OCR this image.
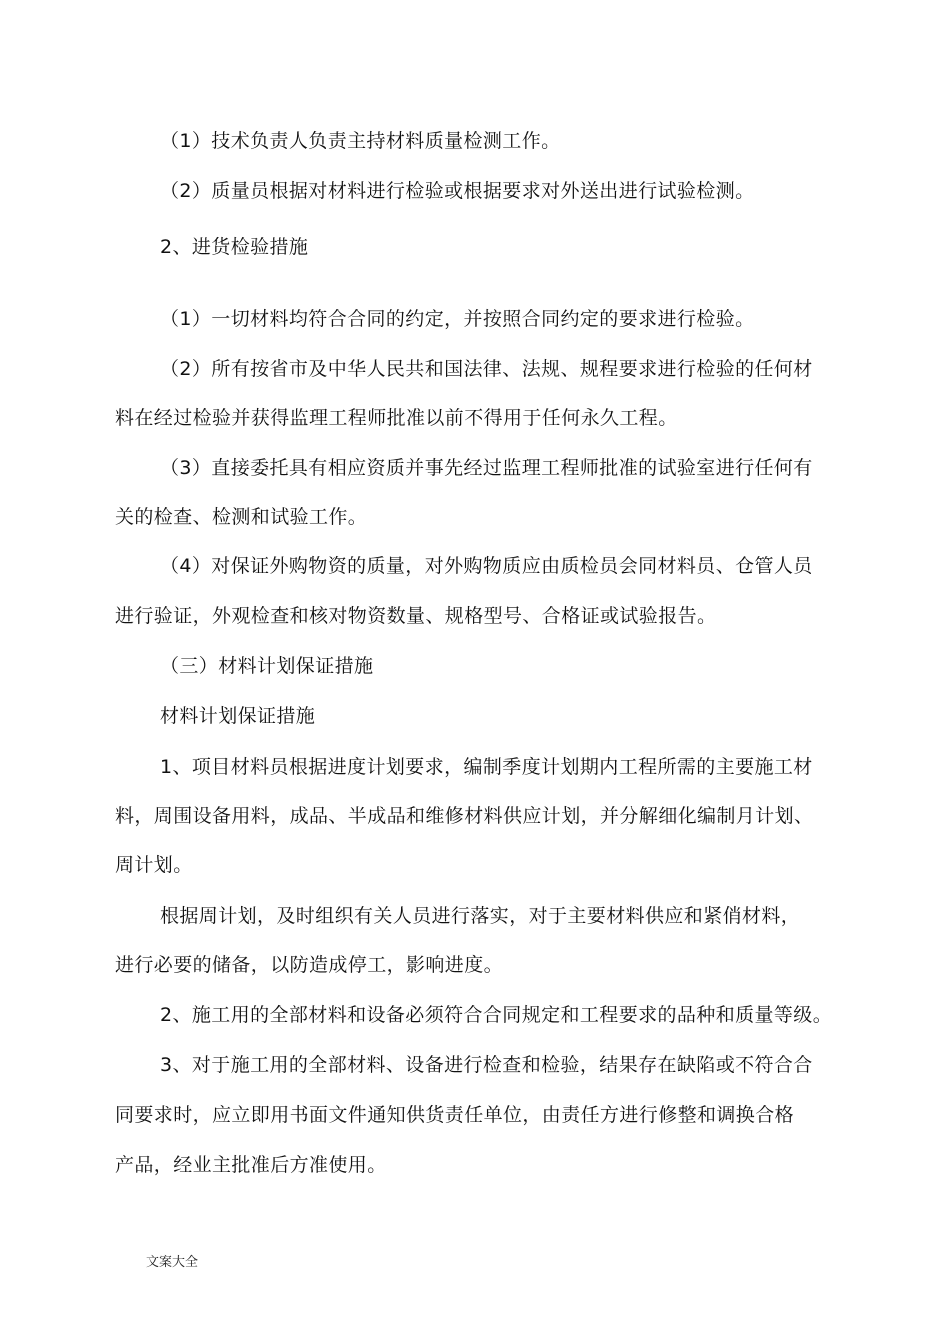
（1）技术负责人负责主持材料质量检测工作。
（2）质量员根据对材料进行检验或根据要求对外送出进行试验检测。
2、进货检验措施
（1）一切材料均符合合同的约定，并按照合同约定的要求进行检验。
（2）所有按省市及中华人民共和国法律、法规、规程要求进行检验的任何材
料在经过检验并获得监理工程师批准以前不得用于任何永久工程。
（3）直接委托具有相应资质并事先经过监理工程师批准的试验室进行任何有
关的检查、检测和试验工作。
（4）对保证外购物资的质量，对外购物质应由质检员会同材料员、仓管人员
进行验证，外观检查和核对物资数量、规格型号、合格证或试验报告。
（三）材料计划保证措施
材料计划保证措施
1、项目材料员根据进度计划要求，编制季度计划期内工程所需的主要施工材
料，周围设备用料，成品、半成品和维修材料供应计划，并分解细化编制月计划、
周计划。
根据周计划，及时组织有关人员进行落实，对于主要材料供应和紧俏材料，
进行必要的储备，以防造成停工，影响进度。
2、施工用的全部材料和设备必须符合合同规定和工程要求的品种和质量等级。
3、对于施工用的全部材料、设备进行检查和检验，结果存在缺陷或不符合合
同要求时，应立即用书面文件通知供货责任单位，由责任方进行修整和调换合格
产品，经业主批准后方准使用。
文案大全
